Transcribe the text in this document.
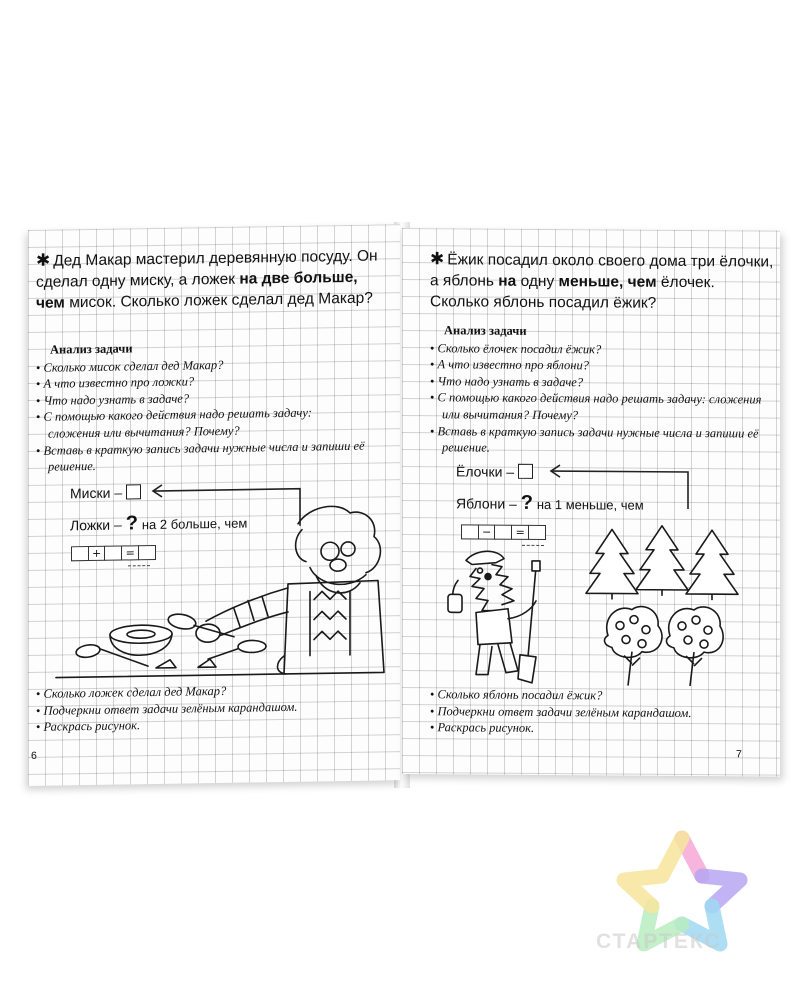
✱ Дед Макар мастерил деревянную посуду. Он сделал одну миску, а ложек на две больше, чем мисок. Сколько ложек сделал дед Макар?
Анализ задачи
• Сколько мисок сделал дед Макар?
• А что известно про ложки?
• Что надо узнать в задаче?
• С помощью какого действия надо решать задачу: сложения или вычитания? Почему?
• Вставь в краткую запись задачи нужные числа и запиши её решение.
Миски –
Ложки – ? на 2 больше, чем
+	=
• Сколько ложек сделал дед Макар?
• Подчеркни ответ задачи зелёным карандашом.
• Раскрась рисунок.
6
✱ Ёжик посадил около своего дома три ёлочки, а яблонь на одну меньше, чем ёлочек. Сколько яблонь посадил ёжик?
Анализ задачи
• Сколько ёлочек посадил ёжик?
• А что известно про яблони?
• Что надо узнать в задаче?
• С помощью какого действия надо решать задачу: сложения или вычитания? Почему?
• Вставь в краткую запись задачи нужные числа и запиши её решение.
Ёлочки –
Яблони – ? на 1 меньше, чем
−	=
• Сколько яблонь посадил ёжик?
• Подчеркни ответ задачи зелёным карандашом.
• Раскрась рисунок.
7
СТАРТЕКС
